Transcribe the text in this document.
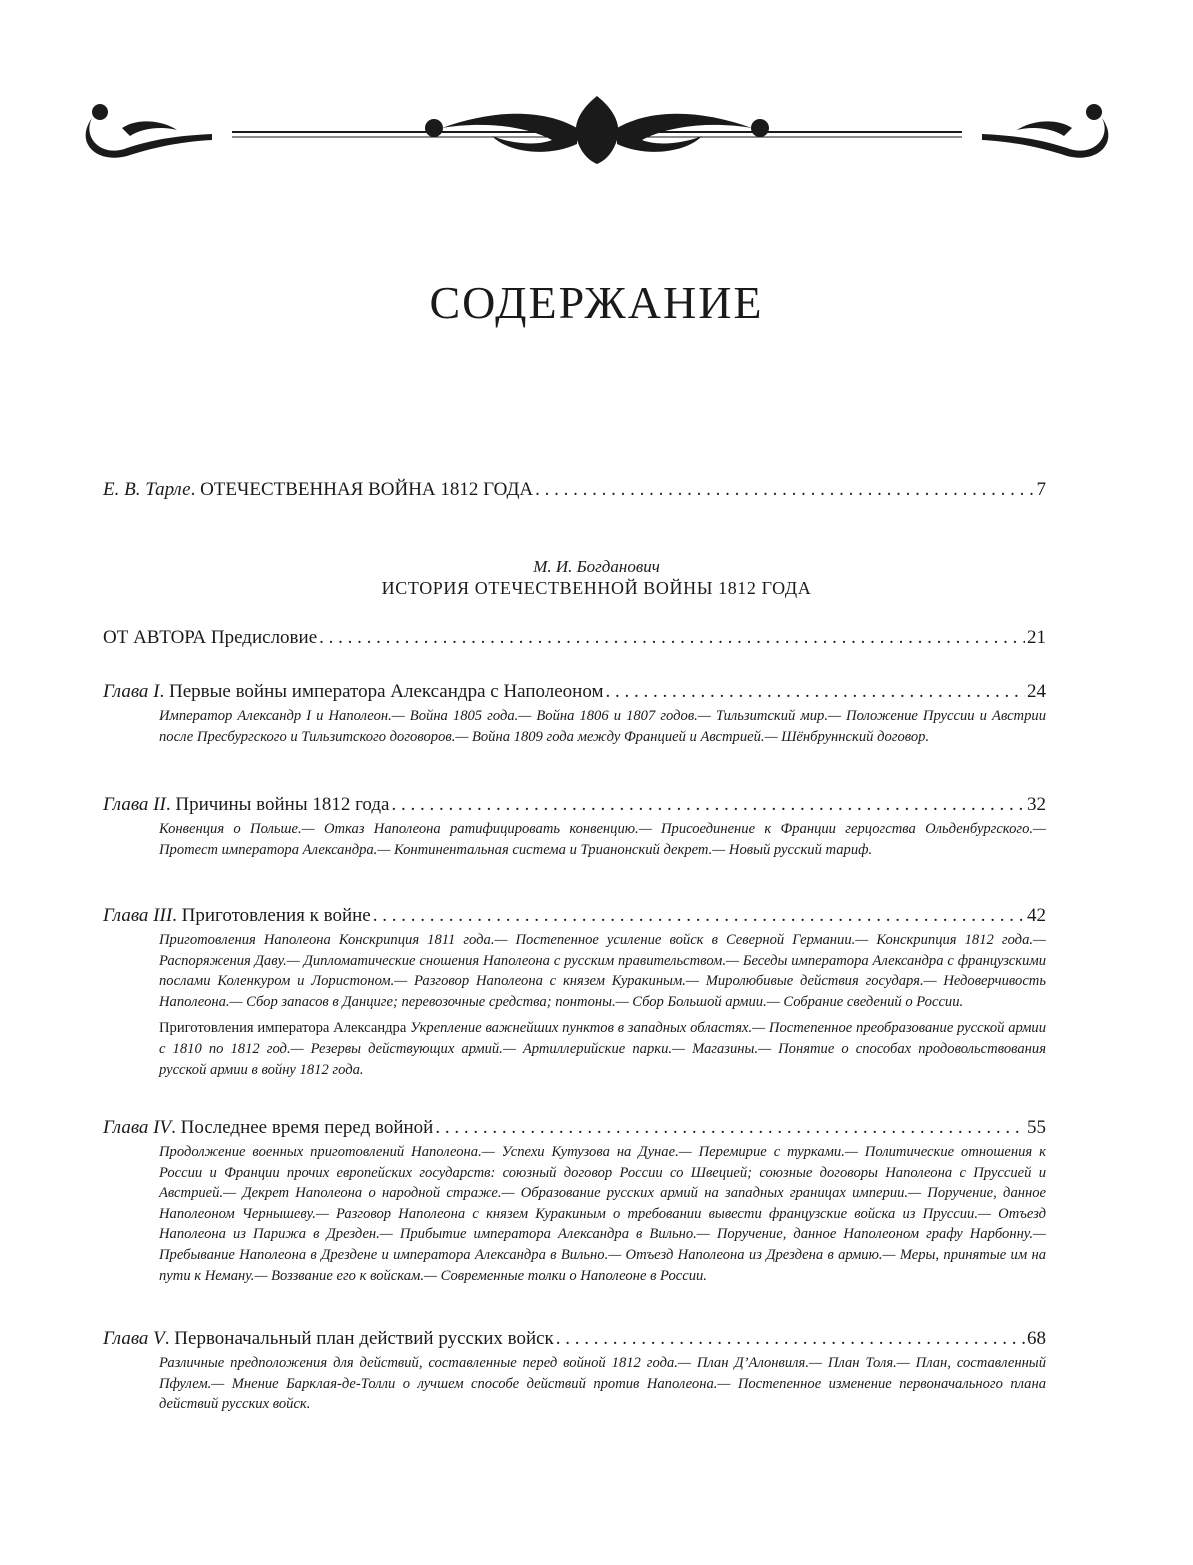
СОДЕРЖАНИЕ
Е. В. Тарле. ОТЕЧЕСТВЕННАЯ ВОЙНА 1812 ГОДА . . .	7
М. И. Богданович
ИСТОРИЯ ОТЕЧЕСТВЕННОЙ ВОЙНЫ 1812 ГОДА
ОТ АВТОРА Предисловие . . .	21
Глава I. Первые войны императора Александра с Наполеоном . . .	24
Император Александр I и Наполеон.— Война 1805 года.— Война 1806 и 1807 годов.— Тильзитский мир.— Положение Пруссии и Австрии после Пресбургского и Тильзитского договоров.— Война 1809 года между Францией и Австрией.— Шёнбруннский договор.
Глава II. Причины войны 1812 года . . .	32
Конвенция о Польше.— Отказ Наполеона ратифицировать конвенцию.— Присоединение к Франции герцогства Ольденбургского.— Протест императора Александра.— Континентальная система и Трианонский декрет.— Новый русский тариф.
Глава III. Приготовления к войне . . .	42
Приготовления Наполеона Конскрипция 1811 года.— Постепенное усиление войск в Северной Германии.— Конскрипция 1812 года.— Распоряжения Даву.— Дипломатические сношения Наполеона с русским правительством.— Беседы императора Александра с французскими послами Коленкуром и Лористоном.— Разговор Наполеона с князем Куракиным.— Миролюбивые действия государя.— Недоверчивость Наполеона.— Сбор запасов в Данциге; перевозочные средства; понтоны.— Сбор Большой армии.— Собрание сведений о России.
Приготовления императора Александра Укрепление важнейших пунктов в западных областях.— Постепенное преобразование русской армии с 1810 по 1812 год.— Резервы действующих армий.— Артиллерийские парки.— Магазины.— Понятие о способах продовольствования русской армии в войну 1812 года.
Глава IV. Последнее время перед войной . . .	55
Продолжение военных приготовлений Наполеона.— Успехи Кутузова на Дунае.— Перемирие с турками.— Политические отношения к России и Франции прочих европейских государств: союзный договор России со Швецией; союзные договоры Наполеона с Пруссией и Австрией.— Декрет Наполеона о народной страже.— Образование русских армий на западных границах империи.— Поручение, данное Наполеоном Чернышеву.— Разговор Наполеона с князем Куракиным о требовании вывести французские войска из Пруссии.— Отъезд Наполеона из Парижа в Дрезден.— Прибытие императора Александра в Вильно.— Поручение, данное Наполеоном графу Нарбонну.— Пребывание Наполеона в Дрездене и императора Александра в Вильно.— Отъезд Наполеона из Дрездена в армию.— Меры, принятые им на пути к Неману.— Воззвание его к войскам.— Современные толки о Наполеоне в России.
Глава V. Первоначальный план действий русских войск . . .	68
Различные предположения для действий, составленные перед войной 1812 года.— План Д’Алонвиля.— План Толя.— План, составленный Пфулем.— Мнение Барклая-де-Толли о лучшем способе действий против Наполеона.— Постепенное изменение первоначального плана действий русских войск.
